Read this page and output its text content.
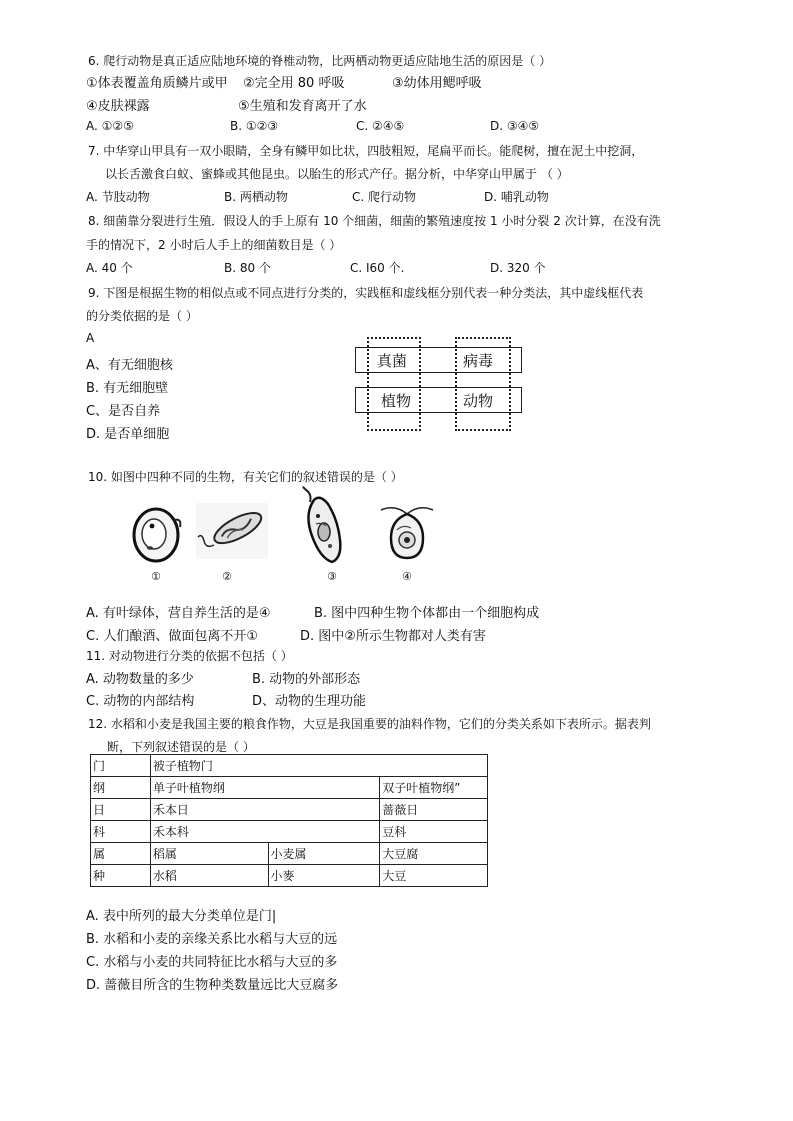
6. 爬行动物是真正适应陆地环境的脊椎动物，比两栖动物更适应陆地生活的原因是（ ）
①体表覆盖角质鳞片或甲 ②完全用 80 呼吸	③幼体用鳃呼吸
④皮肤裸露	⑤生殖和发育离开了水
A. ①②⑤	B. ①②③	C. ②④⑤	D. ③④⑤
7. 中华穿山甲具有一双小眼睛，全身有鳞甲如比状，四肢粗短，尾扁平而长。能爬树，擅在泥土中挖洞，
以长舌激食白蚁、蜜蜂或其他昆虫。以胎生的形式产仔。据分析，中华穿山甲属于 （ ）
A. 节肢动物	B. 两栖动物	C. 爬行动物	D. 哺乳动物
8. 细菌靠分裂进行生殖．假设人的手上原有 10 个细菌，细菌的繁殖速度按 1 小时分裂 2 次计算，在没有洗
手的情况下，2 小时后人手上的细菌数目是（ ）
A. 40 个	B. 80 个	C. I60 个.	D. 320 个
9. 下图是根据生物的相似点或不同点进行分类的，实践框和虚线框分别代表一种分类法，其中虚线框代表
的分类依据的是（ ）
A
A、有无细胞核
B. 有无细胞壁
C、是否自养
D. 是否单细胞
真菌	病毒
植物	动物
10. 如图中四种不同的生物，有关它们的叙述错误的是（ ）
①	②	③	④
A. 有叶绿体，营自养生活的是④	B. 图中四种生物个体都由一个细胞构成
C. 人们酿酒、做面包离不开①	D. 图中②所示生物都对人类有害
11. 对动物进行分类的依据不包括（ ）
A. 动物数量的多少	B. 动物的外部形态
C. 动物的内部结构	D、动物的生理功能
12. 水稻和小麦是我国主要的粮食作物，大豆是我国重要的油料作物，它们的分类关系如下表所示。据表判
断，下列叙述错误的是（ ）
门	被子植物门		
纲	单子叶植物纲		双子叶植物纲”
日	禾本日		蔷薇日
科	禾本科		豆科
属	稻属	小麦属	大豆腐
种	水稻	小麥	大豆
A. 表中所列的最大分类单位是门|
B. 水稻和小麦的亲缘关系比水稻与大豆的远
C. 水稻与小麦的共同特征比水稻与大豆的多
D. 蔷薇目所含的生物种类数量远比大豆腐多
